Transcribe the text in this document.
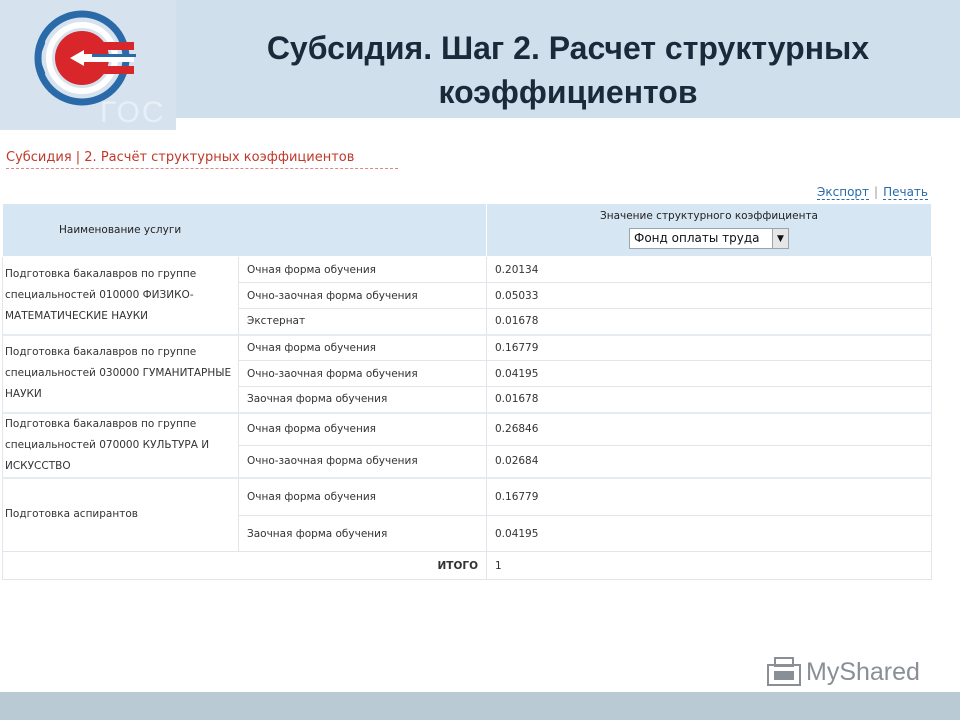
ГОС
Субсидия. Шаг 2. Расчет структурных
коэффициентов
Субсидия | 2. Расчёт структурных коэффициентов
Экспорт | Печать
Наименование услуги		Значение структурного коэффициента
Фонд оплаты труда ▼

Подготовка бакалавров по группе специальностей 010000 ФИЗИКО-МАТЕМАТИЧЕСКИЕ НАУКИ	Очная форма обучения	0.20134
	Очно-заочная форма обучения	0.05033
	Экстернат	0.01678
Подготовка бакалавров по группе специальностей 030000 ГУМАНИТАРНЫЕ НАУКИ	Очная форма обучения	0.16779
	Очно-заочная форма обучения	0.04195
	Заочная форма обучения	0.01678
Подготовка бакалавров по группе специальностей 070000 КУЛЬТУРА И ИСКУССТВО	Очная форма обучения	0.26846
	Очно-заочная форма обучения	0.02684
Подготовка аспирантов	Очная форма обучения	0.16779
	Заочная форма обучения	0.04195
ИТОГО		1
MyShared
